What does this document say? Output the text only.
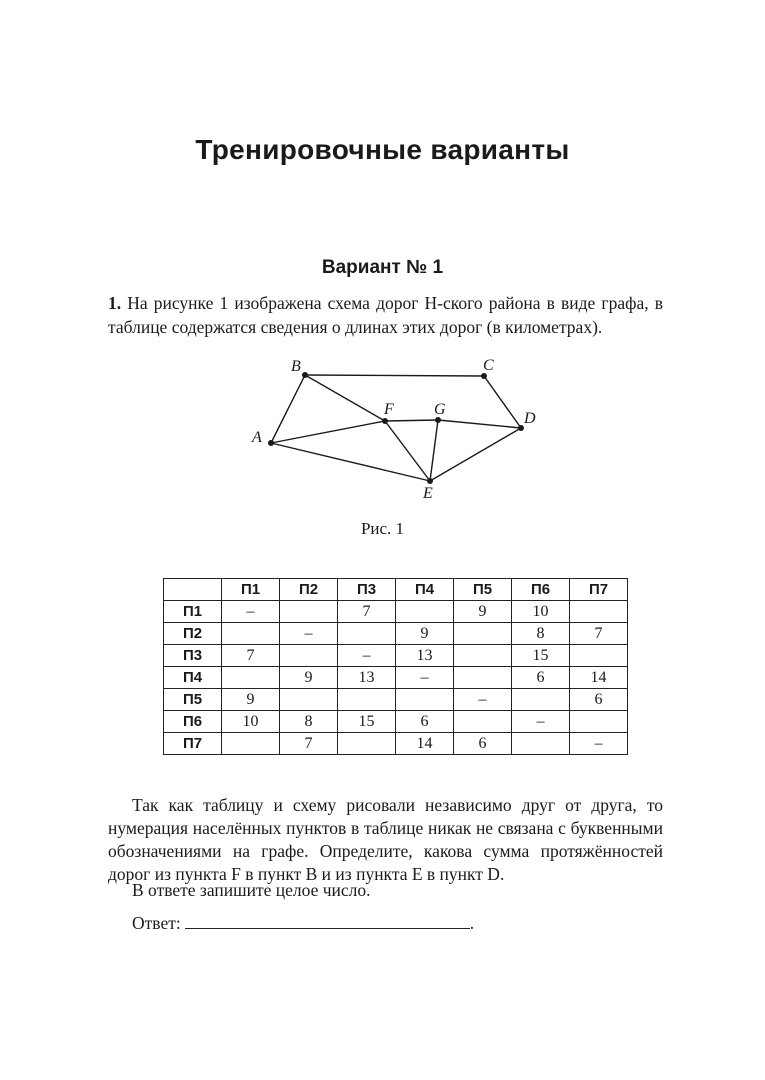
Тренировочные варианты
Вариант № 1
1. На рисунке 1 изображена схема дорог Н-ского района в виде графа, в таблице содержатся сведения о длинах этих дорог (в километрах).
A
B	C
D
E
F	G
Рис. 1
	П1	П2	П3	П4	П5	П6	П7
П1	–		7		9	10	
П2		–		9		8	7
П3	7		–	13		15	
П4		9	13	–		6	14
П5	9				–		6
П6	10	8	15	6		–	
П7		7		14	6		–
Так как таблицу и схему рисовали независимо друг от друга, то нумерация населённых пунктов в таблице никак не связана с буквенными обозначениями на графе. Определите, какова сумма протяжённостей дорог из пункта F в пункт B и из пункта E в пункт D.
В ответе запишите целое число.
Ответ:	.
